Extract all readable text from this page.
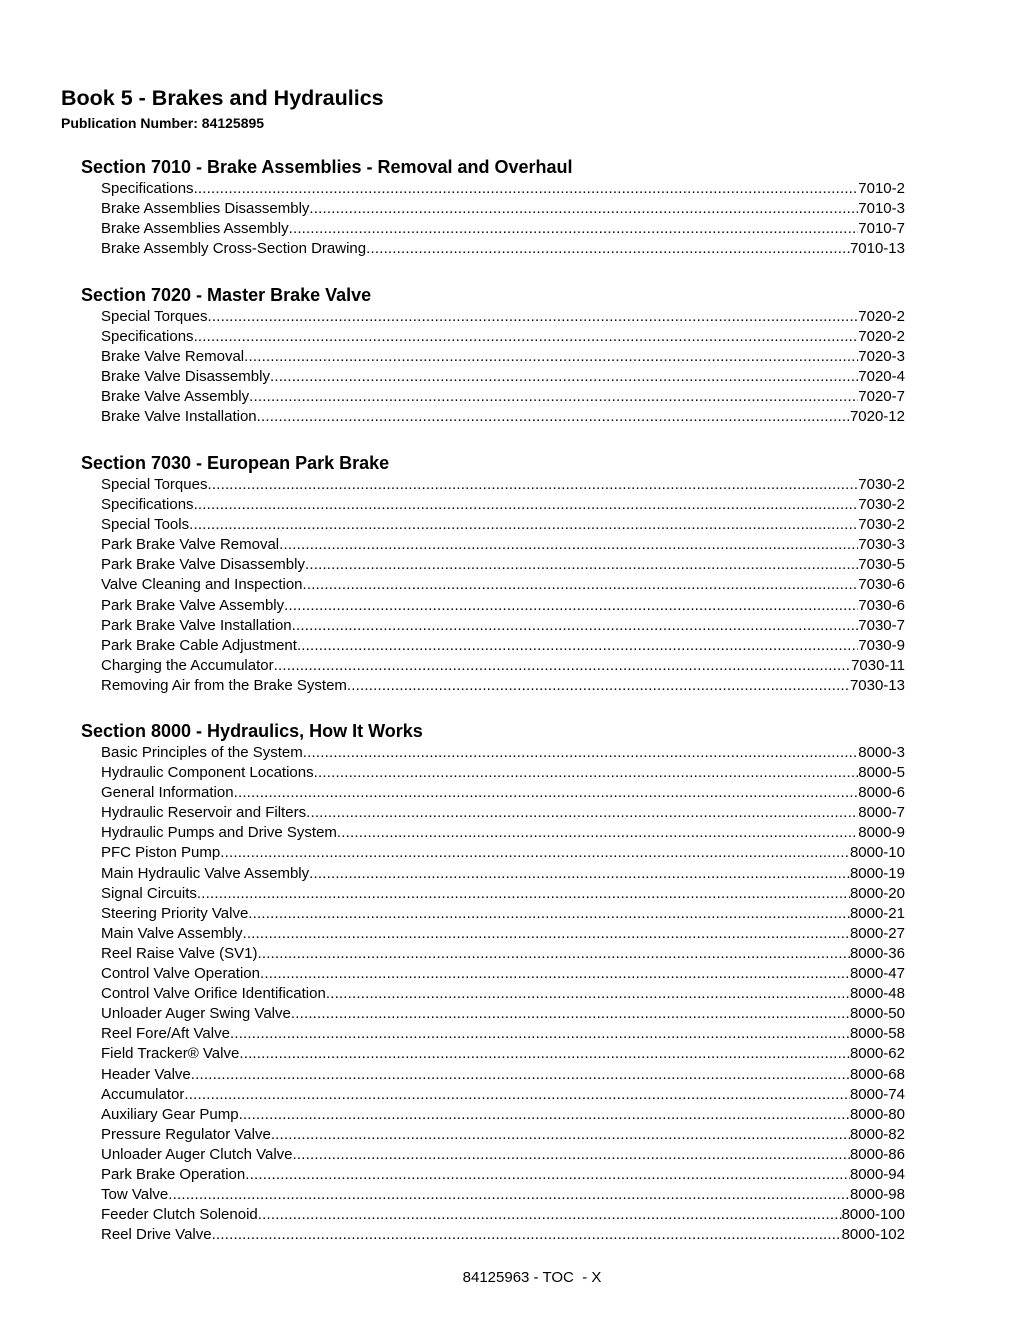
Book 5 - Brakes and Hydraulics
Publication Number: 84125895
Section 7010 - Brake Assemblies - Removal and Overhaul
Specifications .....	7010-2
Brake Assemblies Disassembly .....	7010-3
Brake Assemblies Assembly .....	7010-7
Brake Assembly Cross-Section Drawing .....	7010-13
Section 7020 - Master Brake Valve
Special Torques .....	7020-2
Specifications .....	7020-2
Brake Valve Removal .....	7020-3
Brake Valve Disassembly .....	7020-4
Brake Valve Assembly .....	7020-7
Brake Valve Installation .....	7020-12
Section 7030 - European Park Brake
Special Torques .....	7030-2
Specifications .....	7030-2
Special Tools .....	7030-2
Park Brake Valve Removal .....	7030-3
Park Brake Valve Disassembly .....	7030-5
Valve Cleaning and Inspection .....	7030-6
Park Brake Valve Assembly .....	7030-6
Park Brake Valve Installation .....	7030-7
Park Brake Cable Adjustment .....	7030-9
Charging the Accumulator .....	7030-11
Removing Air from the Brake System .....	7030-13
Section 8000 - Hydraulics, How It Works
Basic Principles of the System .....	8000-3
Hydraulic Component Locations .....	8000-5
General Information .....	8000-6
Hydraulic Reservoir and Filters .....	8000-7
Hydraulic Pumps and Drive System .....	8000-9
PFC Piston Pump .....	8000-10
Main Hydraulic Valve Assembly .....	8000-19
Signal Circuits .....	8000-20
Steering Priority Valve .....	8000-21
Main Valve Assembly .....	8000-27
Reel Raise Valve (SV1) .....	8000-36
Control Valve Operation .....	8000-47
Control Valve Orifice Identification .....	8000-48
Unloader Auger Swing Valve .....	8000-50
Reel Fore/Aft Valve .....	8000-58
Field Tracker® Valve .....	8000-62
Header Valve .....	8000-68
Accumulator .....	8000-74
Auxiliary Gear Pump .....	8000-80
Pressure Regulator Valve .....	8000-82
Unloader Auger Clutch Valve .....	8000-86
Park Brake Operation .....	8000-94
Tow Valve .....	8000-98
Feeder Clutch Solenoid .....	8000-100
Reel Drive Valve .....	8000-102
84125963 - TOC - X
